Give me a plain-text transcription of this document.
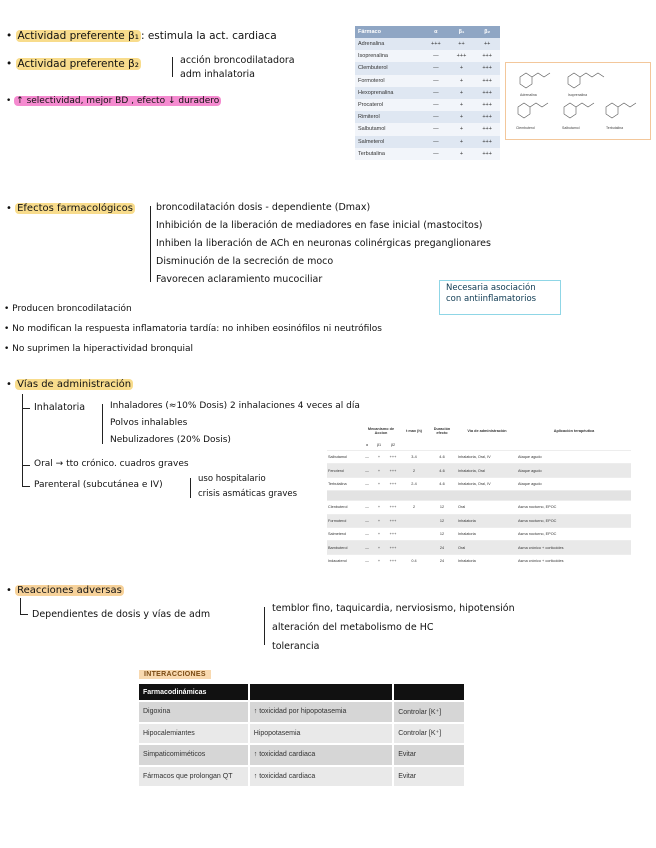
• Actividad preferente β₁ : estimula la act. cardiaca
• Actividad preferente β₂	acción broncodilatadora
adm inhalatoria
• ↑ selectividad, mejor BD , efecto ↓ duradero
Fármaco	α	β₁	β₂
Adrenalina	+++	++	++
Isoprenalina	—	+++	+++
Clembuterol	—	+	+++
Formoterol	—	+	+++
Hexoprenalina	—	+	+++
Procaterol	—	+	+++
Rimiterol	—	+	+++
Salbutamol	—	+	+++
Salmeterol	—	+	+++
Terbutalina	—	+	+++
Adrenalina	Isoprenalina
Clembuterol	Salbutamol	Terbutalina
• Efectos farmacológicos broncodilatación dosis - dependiente (Dmax)
Inhibición de la liberación de mediadores en fase inicial (mastocitos)
Inhiben la liberación de ACh en neuronas colinérgicas preganglionares
Disminución de la secreción de moco
Favorecen aclaramiento mucociliar
Necesaria asociación
con antiinflamatorios
• Producen broncodilatación
• No modifican la respuesta inflamatoria tardía: no inhiben eosinófilos ni neutrófilos
• No suprimen la hiperactividad bronquial
• Vías de administración
Inhalatoria	Inhaladores (≈10% Dosis) 2 inhalaciones 4 veces al día
Polvos inhalables
Nebulizadores (20% Dosis)
Oral → tto crónico. cuadros graves
Parenteral (subcutánea e IV)
uso hospitalario
crisis asmáticas graves
	Mecanismo de Accion			t max (h)	Duración efecto	Vía de administración	Aplicación terapéutica
	α	β1	β2				
Salbutamol	—	+	+++	3-4	4-6	Inhalatoria, Oral, IV	Ataque agudo
Fenoterol	—	+	+++	2	4-6	Inhalatoria, Oral	Ataque agudo
Terbutalina	—	+	+++	2-4	4-6	Inhalatoria, Oral, IV	Ataque agudo

Clenbuterol	—	+	+++	2	12	Oral	Asma nocturno, EPOC
Formoterol	—	+	+++		12	Inhalatoria	Asma nocturno, EPOC
Salmeterol	—	+	+++		12	Inhalatoria	Asma nocturno, EPOC
Bambuterol	—	+	+++		24	Oral	Asma crónico + corticoides
Indacaterol	—	+	+++	0.4	24	Inhalatoria	Asma crónico + corticoides
• Reacciones adversas
Dependientes de dosis y vías de adm
temblor fino, taquicardia, nerviosismo, hipotensión
alteración del metabolismo de HC
tolerancia
INTERACCIONES
Farmacodinámicas		
Digoxina	↑ toxicidad por hipopotasemia	Controlar [K⁺]
Hipocalemiantes	Hipopotasemia	Controlar [K⁺]
Simpaticomiméticos	↑ toxicidad cardiaca	Evitar
Fármacos que prolongan QT	↑ toxicidad cardiaca	Evitar
